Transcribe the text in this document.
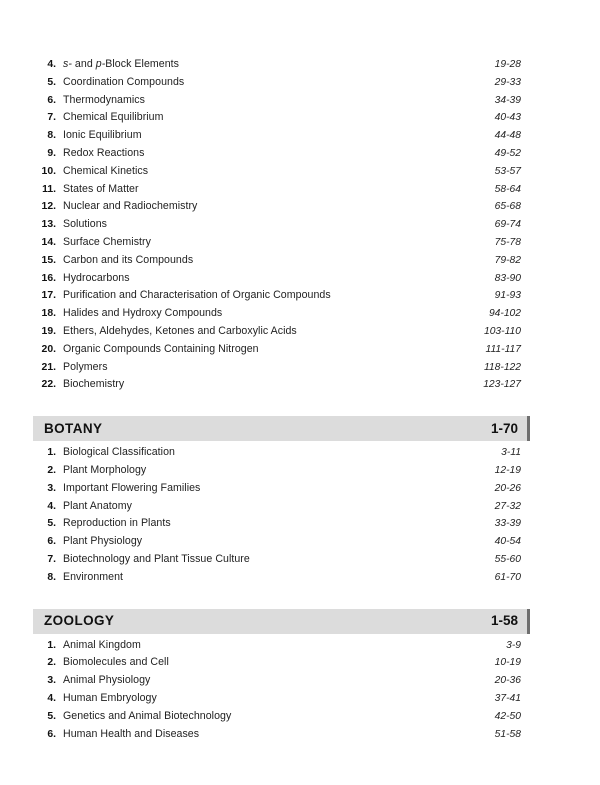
4. s- and p-Block Elements	19-28
5. Coordination Compounds	29-33
6. Thermodynamics	34-39
7. Chemical Equilibrium	40-43
8. Ionic Equilibrium	44-48
9. Redox Reactions	49-52
10. Chemical Kinetics	53-57
11. States of Matter	58-64
12. Nuclear and Radiochemistry	65-68
13. Solutions	69-74
14. Surface Chemistry	75-78
15. Carbon and its Compounds	79-82
16. Hydrocarbons	83-90
17. Purification and Characterisation of Organic Compounds	91-93
18. Halides and Hydroxy Compounds	94-102
19. Ethers, Aldehydes, Ketones and Carboxylic Acids	103-110
20. Organic Compounds Containing Nitrogen	111-117
21. Polymers	118-122
22. Biochemistry	123-127
BOTANY	1-70
1. Biological Classification	3-11
2. Plant Morphology	12-19
3. Important Flowering Families	20-26
4. Plant Anatomy	27-32
5. Reproduction in Plants	33-39
6. Plant Physiology	40-54
7. Biotechnology and Plant Tissue Culture	55-60
8. Environment	61-70
ZOOLOGY	1-58
1. Animal Kingdom	3-9
2. Biomolecules and Cell	10-19
3. Animal Physiology	20-36
4. Human Embryology	37-41
5. Genetics and Animal Biotechnology	42-50
6. Human Health and Diseases	51-58
